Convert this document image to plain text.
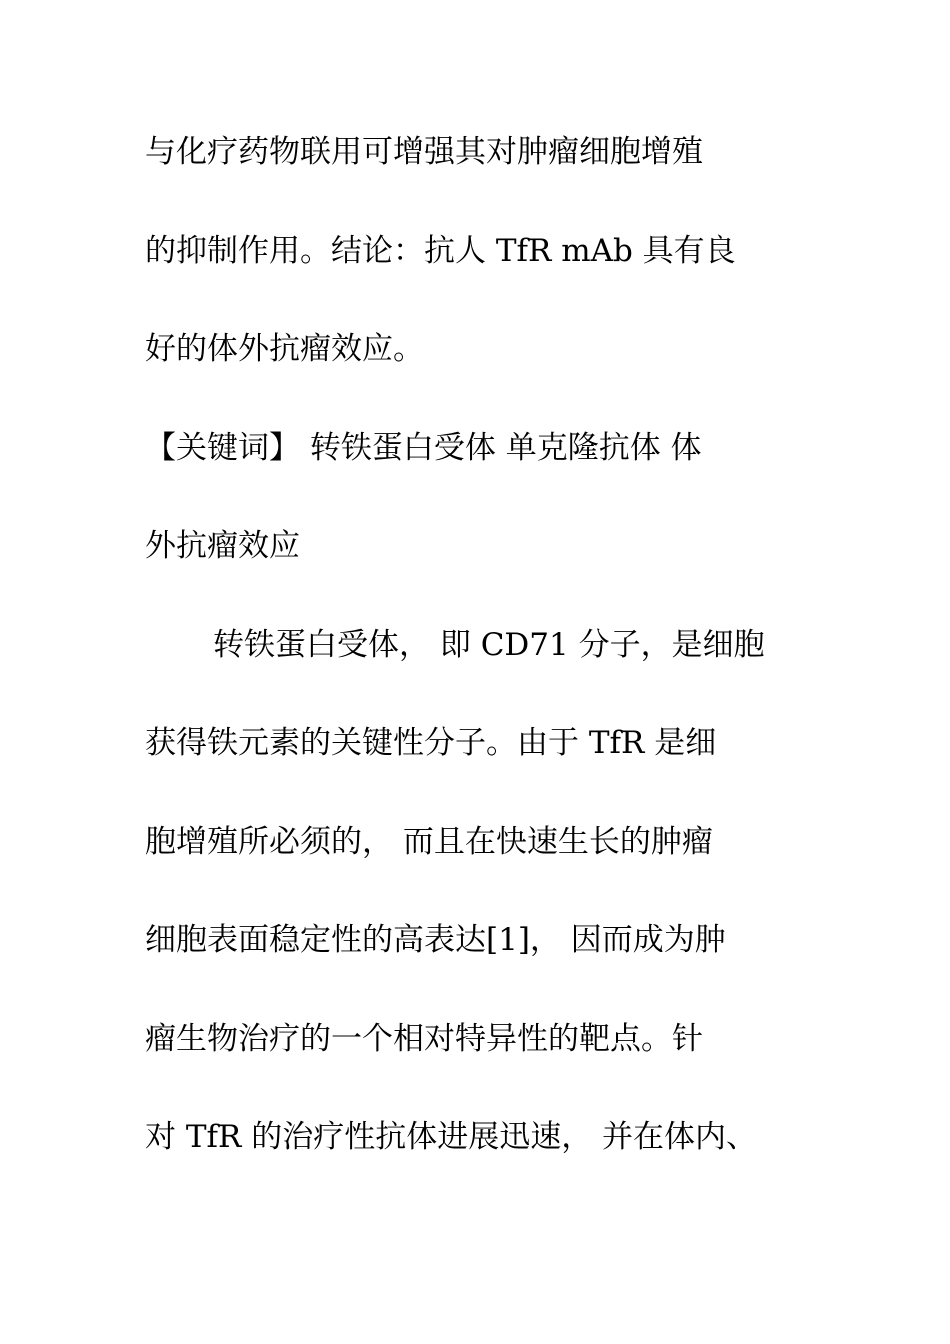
与化疗药物联用可增强其对肿瘤细胞增殖
的抑制作用。结论：抗人 TfR mAb 具有良
好的体外抗瘤效应。
【关键词】 转铁蛋白受体 单克隆抗体 体
外抗瘤效应
转铁蛋白受体， 即 CD71 分子，是细胞
获得铁元素的关键性分子。由于 TfR 是细
胞增殖所必须的， 而且在快速生长的肿瘤
细胞表面稳定性的高表达[1]， 因而成为肿
瘤生物治疗的一个相对特异性的靶点。针
对 TfR 的治疗性抗体进展迅速， 并在体内、
